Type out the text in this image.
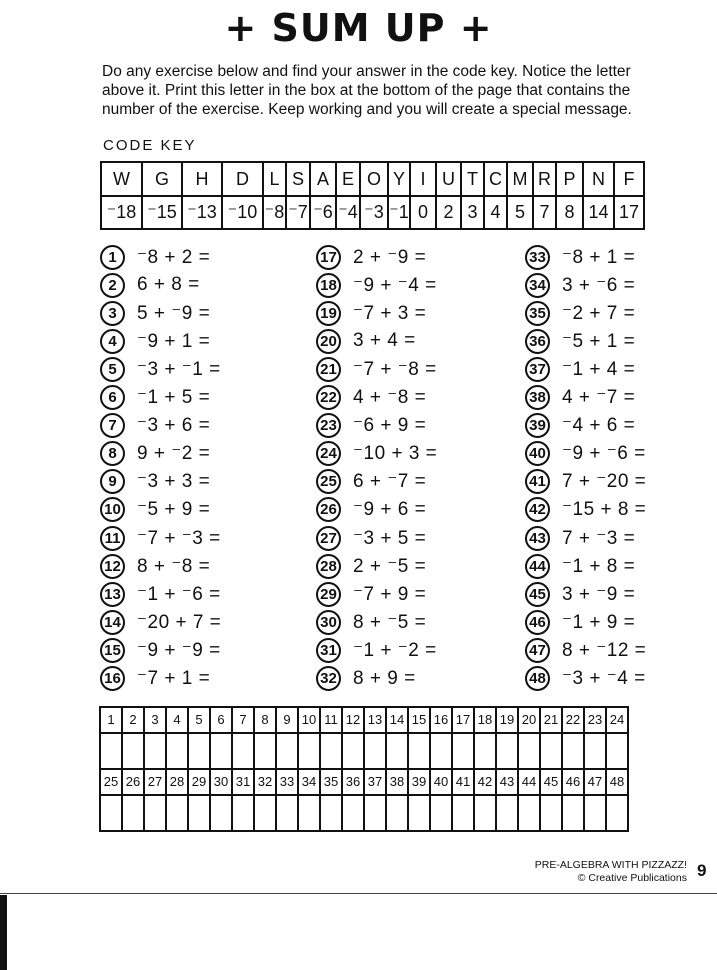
+ SUM UP +
Do any exercise below and find your answer in the code key. Notice the letter
above it. Print this letter in the box at the bottom of the page that contains the
number of the exercise. Keep working and you will create a special message.
CODE KEY
W	G	H	D	L	S	A	E	O	Y	I	U	T	C	M	R	P	N	F
⁻18	⁻15	⁻13	⁻10	⁻8	⁻7	⁻6	⁻4	⁻3	⁻1	0	2	3	4	5	7	8	14	17
1	⁻8 + 2 =
2	6 + 8 =
3	5 + ⁻9 =
4	⁻9 + 1 =
5	⁻3 + ⁻1 =
6	⁻1 + 5 =
7	⁻3 + 6 =
8	9 + ⁻2 =
9	⁻3 + 3 =
10 ⁻5 + 9 =
11 ⁻7 + ⁻3 =
12 8 + ⁻8 =
13 ⁻1 + ⁻6 =
14 ⁻20 + 7 =
15 ⁻9 + ⁻9 =
16 ⁻7 + 1 =
17 2 + ⁻9 =
18 ⁻9 + ⁻4 =
19 ⁻7 + 3 =
20 3 + 4 =
21 ⁻7 + ⁻8 =
22 4 + ⁻8 =
23 ⁻6 + 9 =
24 ⁻10 + 3 =
25 6 + ⁻7 =
26 ⁻9 + 6 =
27 ⁻3 + 5 =
28 2 + ⁻5 =
29 ⁻7 + 9 =
30 8 + ⁻5 =
31 ⁻1 + ⁻2 =
32 8 + 9 =
33 ⁻8 + 1 =
34 3 + ⁻6 =
35 ⁻2 + 7 =
36 ⁻5 + 1 =
37 ⁻1 + 4 =
38 4 + ⁻7 =
39 ⁻4 + 6 =
40 ⁻9 + ⁻6 =
41 7 + ⁻20 =
42 ⁻15 + 8 =
43 7 + ⁻3 =
44 ⁻1 + 8 =
45 3 + ⁻9 =
46 ⁻1 + 9 =
47 8 + ⁻12 =
48 ⁻3 + ⁻4 =
1	2	3	4	5	6	7	8	9	10	11	12	13	14	15	16	17	18	19	20	21	22	23	24

25	26	27	28	29	30	31	32	33	34	35	36	37	38	39	40	41	42	43	44	45	46	47	48

PRE-ALGEBRA WITH PIZZAZZ!
© Creative Publications 9
